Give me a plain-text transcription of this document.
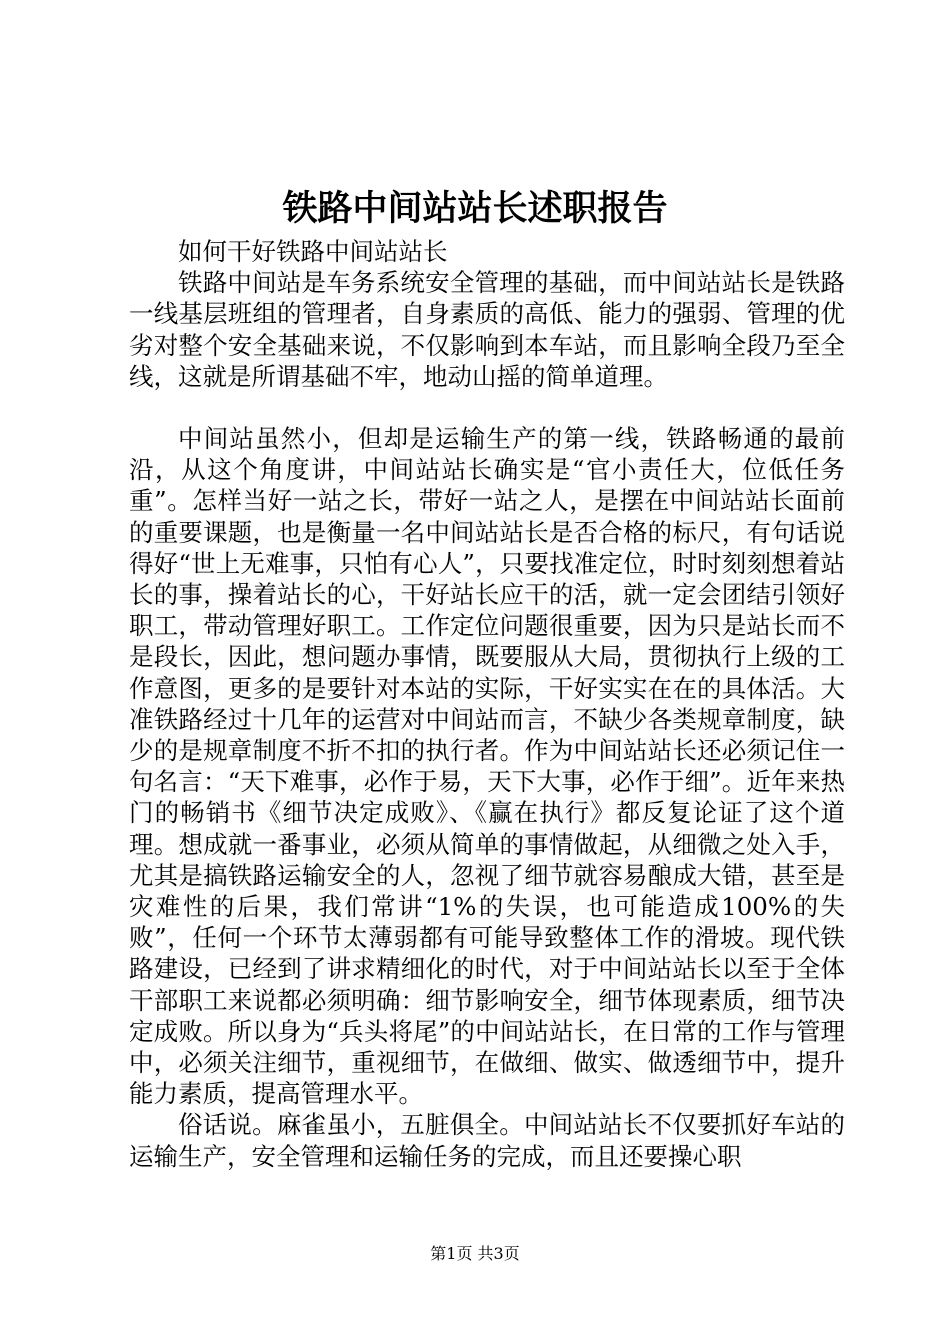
铁路中间站站长述职报告

如何干好铁路中间站站长

铁路中间站是车务系统安全管理的基础，而中间站站长是铁路一线基层班组的管理者，自身素质的高低、能力的强弱、管理的优劣对整个安全基础来说，不仅影响到本车站，而且影响全段乃至全线，这就是所谓基础不牢，地动山摇的简单道理。

中间站虽然小，但却是运输生产的第一线，铁路畅通的最前沿，从这个角度讲，中间站站长确实是“官小责任大，位低任务重”。怎样当好一站之长，带好一站之人，是摆在中间站站长面前的重要课题，也是衡量一名中间站站长是否合格的标尺，有句话说得好“世上无难事，只怕有心人”，只要找准定位，时时刻刻想着站长的事，操着站长的心，干好站长应干的活，就一定会团结引领好职工，带动管理好职工。工作定位问题很重要，因为只是站长而不是段长，因此，想问题办事情，既要服从大局，贯彻执行上级的工作意图，更多的是要针对本站的实际，干好实实在在的具体活。大准铁路经过十几年的运营对中间站而言，不缺少各类规章制度，缺少的是规章制度不折不扣的执行者。作为中间站站长还必须记住一句名言：“天下难事，必作于易，天下大事，必作于细”。近年来热门的畅销书《细节决定成败》、《赢在执行》都反复论证了这个道理。想成就一番事业，必须从简单的事情做起，从细微之处入手，尤其是搞铁路运输安全的人，忽视了细节就容易酿成大错，甚至是灾难性的后果，我们常讲“1%的失误，也可能造成100%的失败”，任何一个环节太薄弱都有可能导致整体工作的滑坡。现代铁路建设，已经到了讲求精细化的时代，对于中间站站长以至于全体干部职工来说都必须明确：细节影响安全，细节体现素质，细节决定成败。所以身为“兵头将尾”的中间站站长，在日常的工作与管理中，必须关注细节，重视细节，在做细、做实、做透细节中，提升能力素质，提高管理水平。

俗话说。麻雀虽小，五脏俱全。中间站站长不仅要抓好车站的运输生产，安全管理和运输任务的完成，而且还要操心职

第1页 共3页
